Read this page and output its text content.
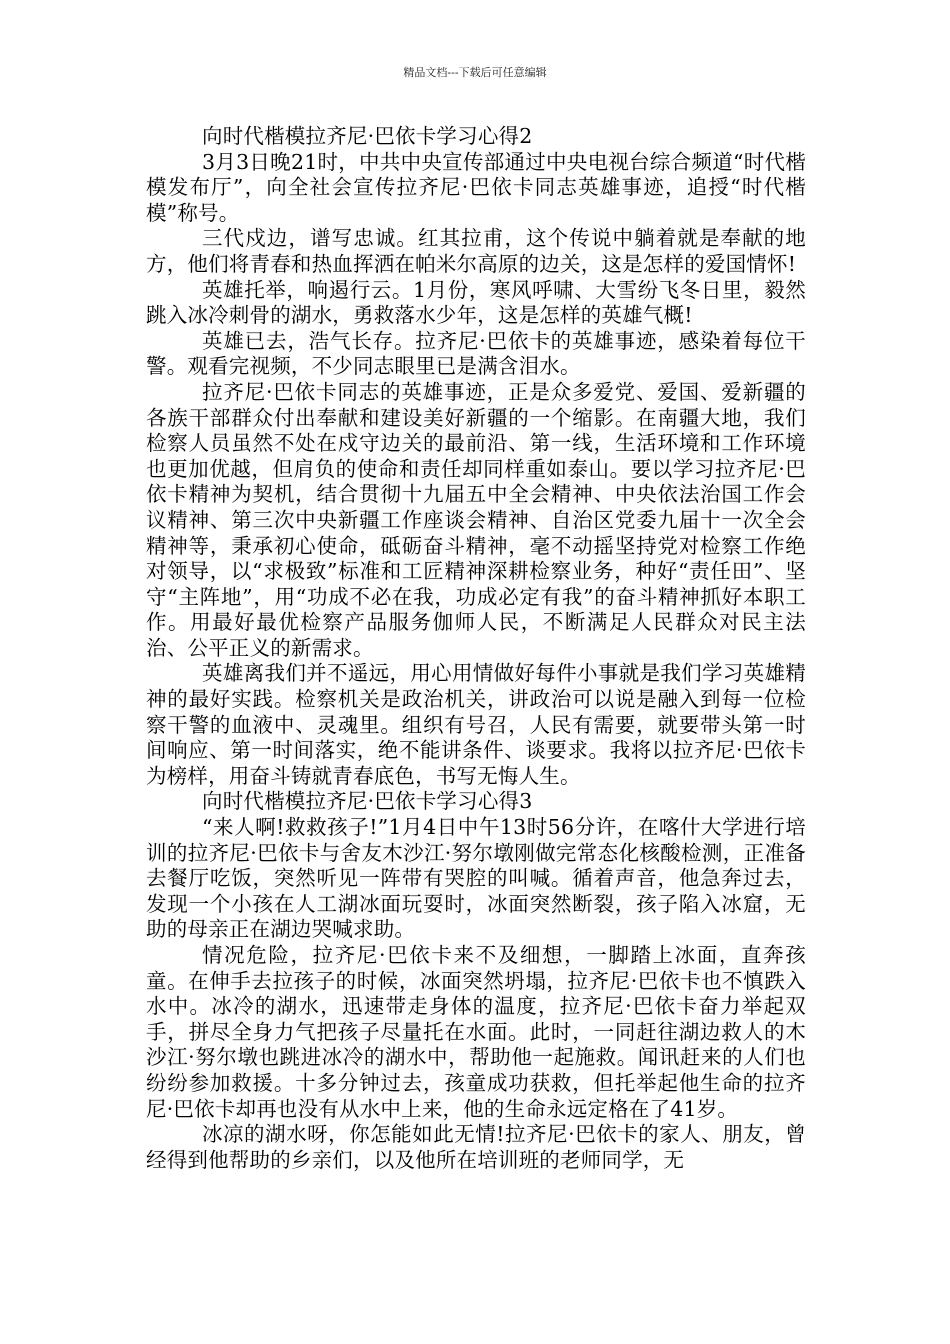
精品文档---下载后可任意编辑

向时代楷模拉齐尼·巴依卡学习心得2

3月3日晚21时，中共中央宣传部通过中央电视台综合频道“时代楷模发布厅”，向全社会宣传拉齐尼·巴依卡同志英雄事迹，追授“时代楷模”称号。

三代戍边，谱写忠诚。红其拉甫，这个传说中躺着就是奉献的地方，他们将青春和热血挥洒在帕米尔高原的边关，这是怎样的爱国情怀!

英雄托举，响遏行云。1月份，寒风呼啸、大雪纷飞冬日里，毅然跳入冰冷刺骨的湖水，勇救落水少年，这是怎样的英雄气概!

英雄已去，浩气长存。拉齐尼·巴依卡的英雄事迹，感染着每位干警。观看完视频，不少同志眼里已是满含泪水。

拉齐尼·巴依卡同志的英雄事迹，正是众多爱党、爱国、爱新疆的各族干部群众付出奉献和建设美好新疆的一个缩影。在南疆大地，我们检察人员虽然不处在戍守边关的最前沿、第一线，生活环境和工作环境也更加优越，但肩负的使命和责任却同样重如泰山。要以学习拉齐尼·巴依卡精神为契机，结合贯彻十九届五中全会精神、中央依法治国工作会议精神、第三次中央新疆工作座谈会精神、自治区党委九届十一次全会精神等，秉承初心使命，砥砺奋斗精神，毫不动摇坚持党对检察工作绝对领导，以“求极致”标准和工匠精神深耕检察业务，种好“责任田”、坚守“主阵地”，用“功成不必在我，功成必定有我”的奋斗精神抓好本职工作。用最好最优检察产品服务伽师人民，不断满足人民群众对民主法治、公平正义的新需求。

英雄离我们并不遥远，用心用情做好每件小事就是我们学习英雄精神的最好实践。检察机关是政治机关，讲政治可以说是融入到每一位检察干警的血液中、灵魂里。组织有号召，人民有需要，就要带头第一时间响应、第一时间落实，绝不能讲条件、谈要求。我将以拉齐尼·巴依卡为榜样，用奋斗铸就青春底色，书写无悔人生。

向时代楷模拉齐尼·巴依卡学习心得3

“来人啊!救救孩子!”1月4日中午13时56分许，在喀什大学进行培训的拉齐尼·巴依卡与舍友木沙江·努尔墩刚做完常态化核酸检测，正准备去餐厅吃饭，突然听见一阵带有哭腔的叫喊。循着声音，他急奔过去，发现一个小孩在人工湖冰面玩耍时，冰面突然断裂，孩子陷入冰窟，无助的母亲正在湖边哭喊求助。

情况危险，拉齐尼·巴依卡来不及细想，一脚踏上冰面，直奔孩童。在伸手去拉孩子的时候，冰面突然坍塌，拉齐尼·巴依卡也不慎跌入水中。冰冷的湖水，迅速带走身体的温度，拉齐尼·巴依卡奋力举起双手，拼尽全身力气把孩子尽量托在水面。此时，一同赶往湖边救人的木沙江·努尔墩也跳进冰冷的湖水中，帮助他一起施救。闻讯赶来的人们也纷纷参加救援。十多分钟过去，孩童成功获救，但托举起他生命的拉齐尼·巴依卡却再也没有从水中上来，他的生命永远定格在了41岁。

冰凉的湖水呀，你怎能如此无情!拉齐尼·巴依卡的家人、朋友，曾经得到他帮助的乡亲们，以及他所在培训班的老师同学，无
